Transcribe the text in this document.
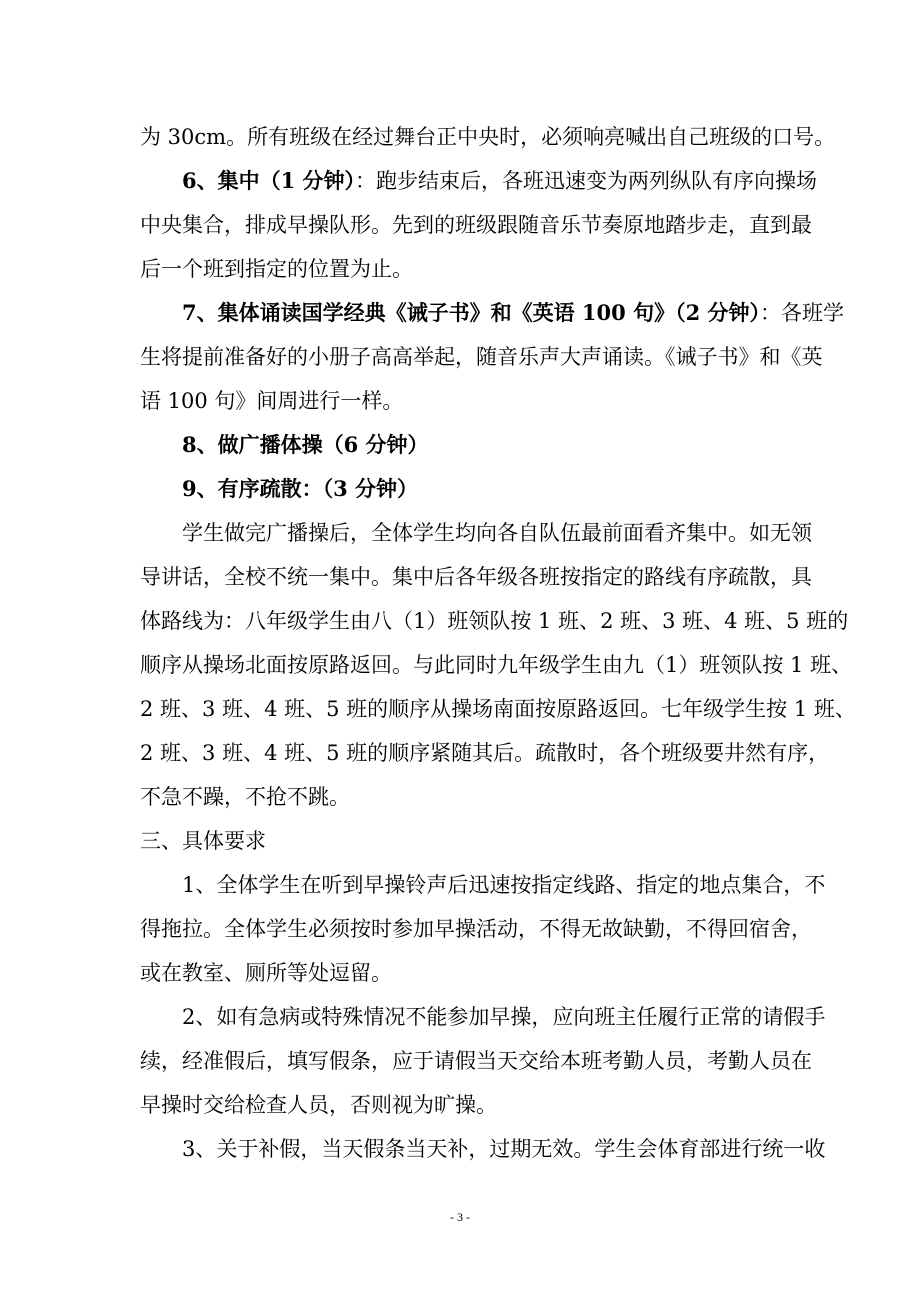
为 30cm。所有班级在经过舞台正中央时，必须响亮喊出自己班级的口号。
6、集中（1 分钟）：跑步结束后，各班迅速变为两列纵队有序向操场
中央集合，排成早操队形。先到的班级跟随音乐节奏原地踏步走，直到最
后一个班到指定的位置为止。
7、集体诵读国学经典《诫子书》和《英语 100 句》（2 分钟）：各班学
生将提前准备好的小册子高高举起，随音乐声大声诵读。《诫子书》和《英
语 100 句》间周进行一样。
8、做广播体操（6 分钟）
9、有序疏散：（3 分钟）
学生做完广播操后，全体学生均向各自队伍最前面看齐集中。如无领
导讲话，全校不统一集中。集中后各年级各班按指定的路线有序疏散，具
体路线为：八年级学生由八（1）班领队按 1 班、2 班、3 班、4 班、5 班的
顺序从操场北面按原路返回。与此同时九年级学生由九（1）班领队按 1 班、
2 班、3 班、4 班、5 班的顺序从操场南面按原路返回。七年级学生按 1 班、
2 班、3 班、4 班、5 班的顺序紧随其后。疏散时，各个班级要井然有序，
不急不躁，不抢不跳。
三、具体要求
1、全体学生在听到早操铃声后迅速按指定线路、指定的地点集合，不
得拖拉。全体学生必须按时参加早操活动，不得无故缺勤，不得回宿舍，
或在教室、厕所等处逗留。
2、如有急病或特殊情况不能参加早操，应向班主任履行正常的请假手
续，经准假后，填写假条，应于请假当天交给本班考勤人员，考勤人员在
早操时交给检查人员，否则视为旷操。
3、关于补假，当天假条当天补，过期无效。学生会体育部进行统一收
- 3 -
